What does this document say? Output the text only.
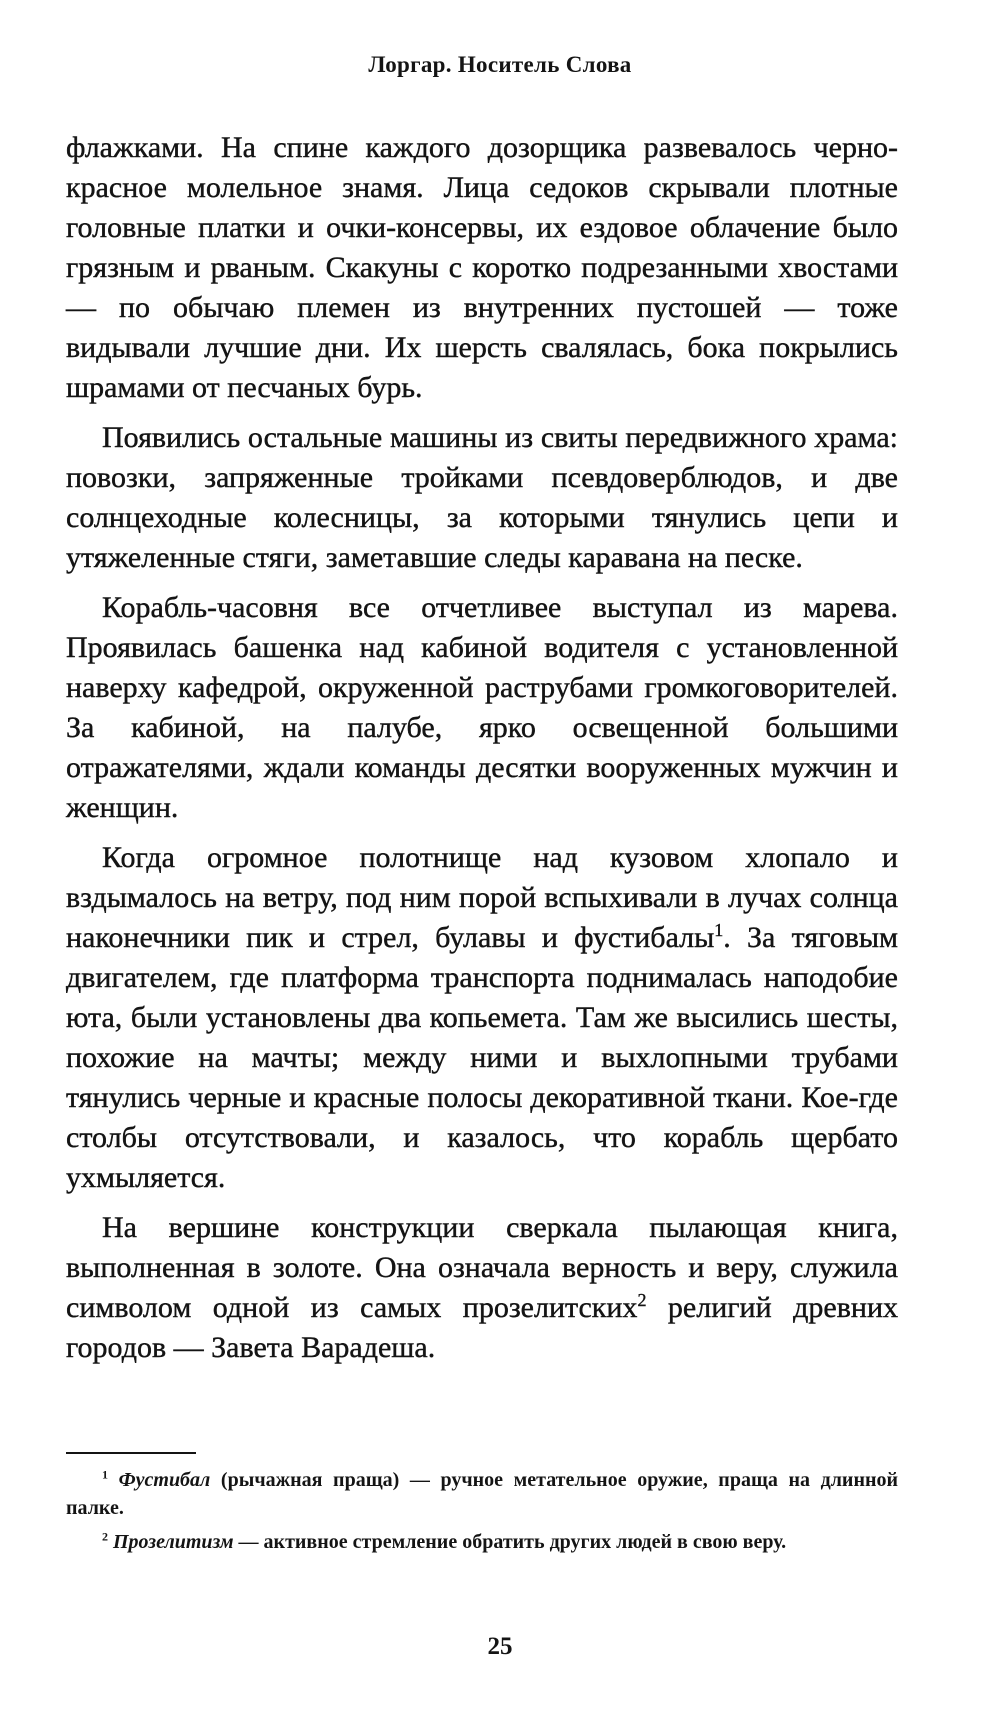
Лоргар. Носитель Слова

флажками. На спине каждого дозорщика развевалось черно-красное молельное знамя. Лица седоков скрывали плотные головные платки и очки-консервы, их ездовое облачение было грязным и рваным. Скакуны с коротко подрезанными хвостами — по обычаю племен из внутренних пустошей — тоже видывали лучшие дни. Их шерсть свалялась, бока покрылись шрамами от песчаных бурь.

Появились остальные машины из свиты передвижного храма: повозки, запряженные тройками псевдоверблюдов, и две солнцеходные колесницы, за которыми тянулись цепи и утяжеленные стяги, заметавшие следы каравана на песке.

Корабль-часовня все отчетливее выступал из марева. Проявилась башенка над кабиной водителя с установленной наверху кафедрой, окруженной раструбами громкоговорителей. За кабиной, на палубе, ярко освещенной большими отражателями, ждали команды десятки вооруженных мужчин и женщин.

Когда огромное полотнище над кузовом хлопало и вздымалось на ветру, под ним порой вспыхивали в лучах солнца наконечники пик и стрел, булавы и фустибалы$^1$. За тяговым двигателем, где платформа транспорта поднималась наподобие юта, были установлены два копьемета. Там же высились шесты, похожие на мачты; между ними и выхлопными трубами тянулись черные и красные полосы декоративной ткани. Кое-где столбы отсутствовали, и казалось, что корабль щербато ухмыляется.

На вершине конструкции сверкала пылающая книга, выполненная в золоте. Она означала верность и веру, служила символом одной из самых прозелитских$^2$ религий древних городов — Завета Варадеша.

$^1$ Фустибал (рычажная праща) — ручное метательное оружие, праща на длинной палке.

$^2$ Прозелитизм — активное стремление обратить других людей в свою веру.

25
